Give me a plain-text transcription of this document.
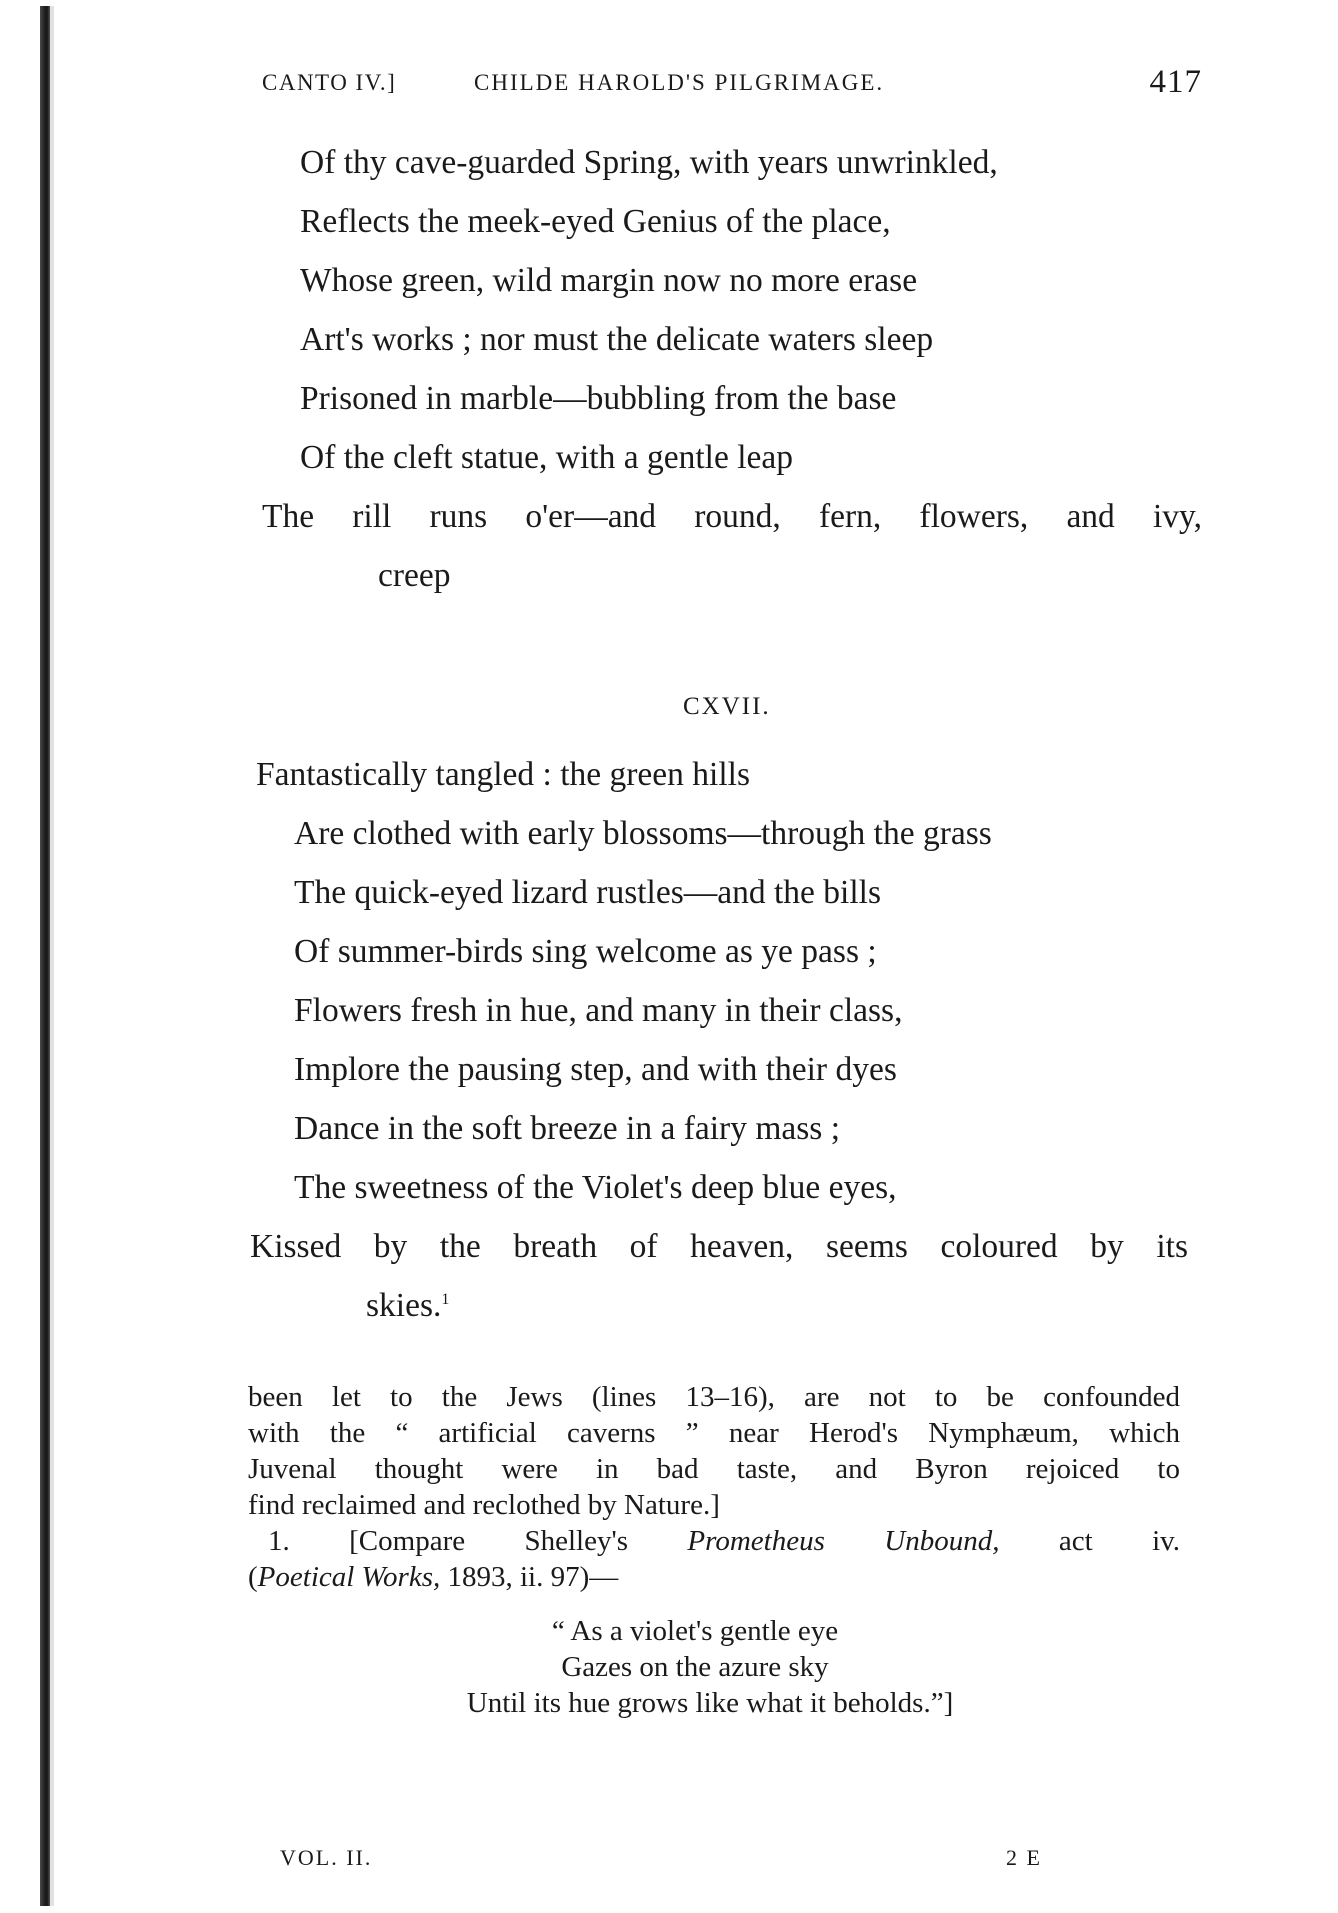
CANTO IV.]	CHILDE HAROLD'S PILGRIMAGE.	417
Of thy cave-guarded Spring, with years unwrinkled,
Reflects the meek-eyed Genius of the place,
Whose green, wild margin now no more erase
Art's works ; nor must the delicate waters sleep
Prisoned in marble—bubbling from the base
Of the cleft statue, with a gentle leap
The rill runs o'er—and round, fern, flowers, and ivy,
creep
CXVII.
Fantastically tangled : the green hills
Are clothed with early blossoms—through the grass
The quick-eyed lizard rustles—and the bills
Of summer-birds sing welcome as ye pass ;
Flowers fresh in hue, and many in their class,
Implore the pausing step, and with their dyes
Dance in the soft breeze in a fairy mass ;
The sweetness of the Violet's deep blue eyes,
Kissed by the breath of heaven, seems coloured by its
skies.$^1$
been let to the Jews (lines 13–16), are not to be confounded
with the “ artificial caverns ” near Herod's Nymphæum, which
Juvenal thought were in bad taste, and Byron rejoiced to
find reclaimed and reclothed by Nature.]
1. [Compare Shelley's Prometheus Unbound, act iv.
(Poetical Works, 1893, ii. 97)—
“ As a violet's gentle eye
Gazes on the azure sky
Until its hue grows like what it beholds.”]
VOL. II.	2 E
